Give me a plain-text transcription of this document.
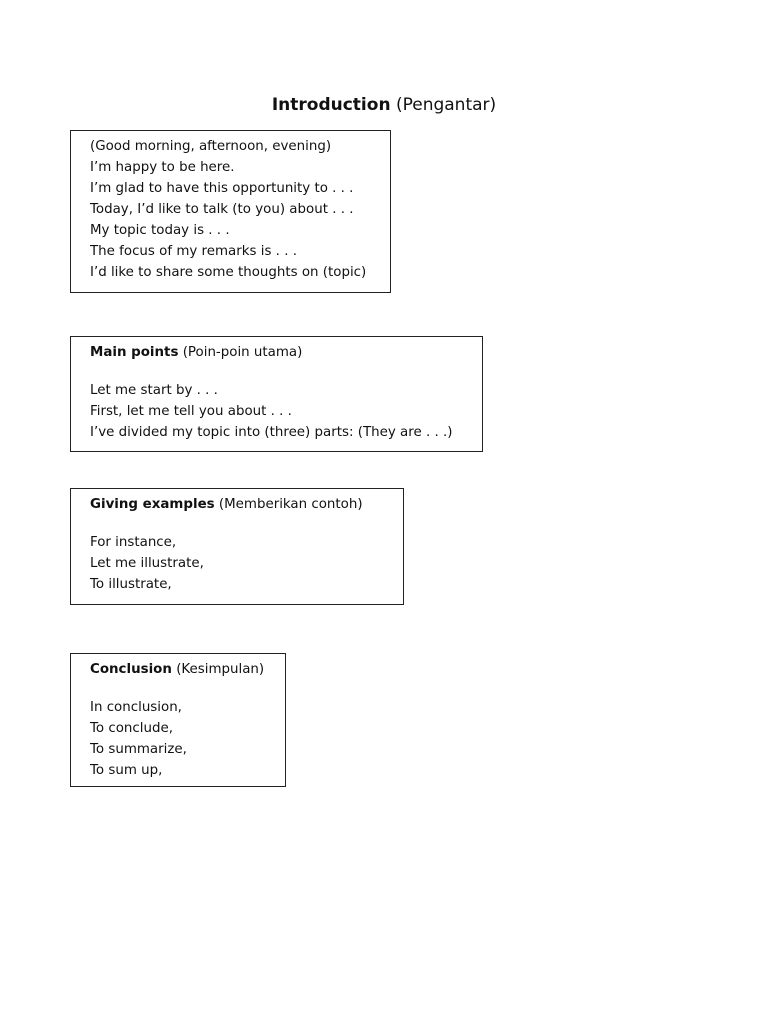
Introduction (Pengantar)
(Good morning, afternoon, evening)
I’m happy to be here.
I’m glad to have this opportunity to . . .
Today, I’d like to talk (to you) about . . .
My topic today is . . .
The focus of my remarks is . . .
I’d like to share some thoughts on (topic)
Main points (Poin-poin utama)
Let me start by . . .
First, let me tell you about . . .
I’ve divided my topic into (three) parts: (They are . . .)
Giving examples (Memberikan contoh)
For instance,
Let me illustrate,
To illustrate,
Conclusion (Kesimpulan)
In conclusion,
To conclude,
To summarize,
To sum up,
